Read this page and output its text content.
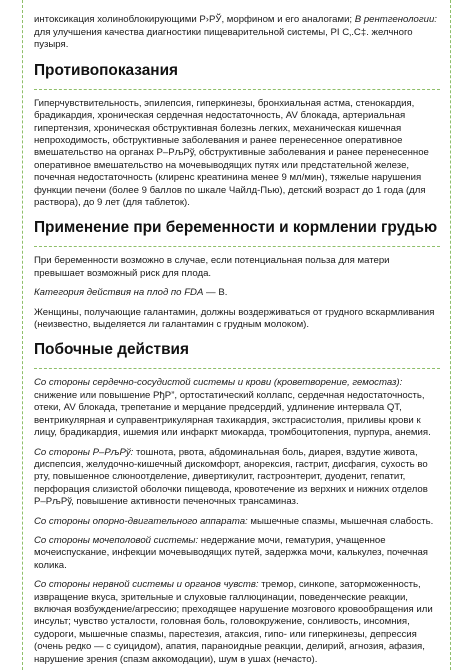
интоксикация холиноблокирующими Р›РЎ, морфином и его аналогами; В рентгенологии: для улучшения качества диагностики пищеварительной системы, РІ С‚.С‡. желчного пузыря.

Противопоказания

Гиперчувствительность, эпилепсия, гиперкинезы, бронхиальная астма, стенокардия, брадикардия, хроническая сердечная недостаточность, AV блокада, артериальная гипертензия, хроническая обструктивная болезнь легких, механическая кишечная непроходимость, обструктивные заболевания и ранее перенесенное оперативное вмешательство на органах Р–РљРў, обструктивные заболевания и ранее перенесенное оперативное вмешательство на мочевыводящих путях или предстательной железе, почечная недостаточность (клиренс креатинина менее 9 мл/мин), тяжелые нарушения функции печени (более 9 баллов по шкале Чайлд-Пью), детский возраст до 1 года (для раствора), до 9 лет (для таблеток).

Применение при беременности и кормлении грудью

При беременности возможно в случае, если потенциальная польза для матери превышает возможный риск для плода.

Категория действия на плод по FDA — B.

Женщины, получающие галантамин, должны воздерживаться от грудного вскармливания (неизвестно, выделяется ли галантамин с грудным молоком).

Побочные действия

Со стороны сердечно-сосудистой системы и крови (кроветворение, гемостаз): снижение или повышение РђР”, ортостатический коллапс, сердечная недостаточность, отеки, AV блокада, трепетание и мерцание предсердий, удлинение интервала QT, вентрикулярная и суправентрикулярная тахикардия, экстрасистолия, приливы крови к лицу, брадикардия, ишемия или инфаркт миокарда, тромбоцитопения, пурпура, анемия.

Со стороны Р–РљРў: тошнота, рвота, абдоминальная боль, диарея, вздутие живота, диспепсия, желудочно-кишечный дискомфорт, анорексия, гастрит, дисфагия, сухость во рту, повышенное слюноотделение, дивертикулит, гастроэнтерит, дуоденит, гепатит, перфорация слизистой оболочки пищевода, кровотечение из верхних и нижних отделов Р–РљРў, повышение активности печеночных трансаминаз.

Со стороны опорно-двигательного аппарата: мышечные спазмы, мышечная слабость.

Со стороны мочеполовой системы: недержание мочи, гематурия, учащенное мочеиспускание, инфекции мочевыводящих путей, задержка мочи, калькулез, почечная колика.

Со стороны нервной системы и органов чувств: тремор, синкопе, заторможенность, извращение вкуса, зрительные и слуховые галлюцинации, поведенческие реакции, включая возбуждение/агрессию; преходящее нарушение мозгового кровообращения или инсульт; чувство усталости, головная боль, головокружение, сонливость, инсомния, судороги, мышечные спазмы, парестезия, атаксия, гипо- или гиперкинезы, депрессия (очень редко — с суицидом), апатия, параноидные реакции, делирий, агнозия, афазия, нарушение зрения (спазм аккомодации), шум в ушах (нечасто).
